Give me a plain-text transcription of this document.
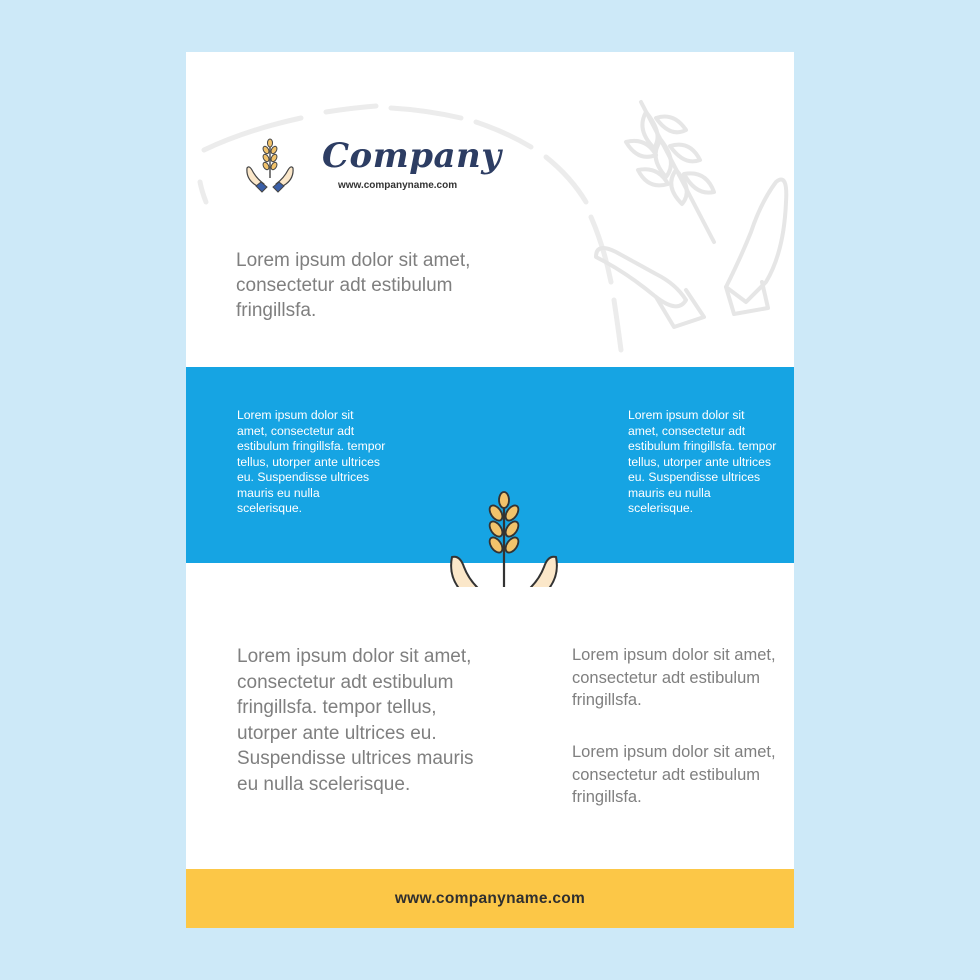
Company
www.companyname.com

Lorem ipsum dolor sit amet, consectetur adt estibulum fringillsfa.

Lorem ipsum dolor sit amet, consectetur adt estibulum fringillsfa. tempor tellus, utorper ante ultrices eu. Suspendisse ultrices mauris eu nulla scelerisque.

Lorem ipsum dolor sit amet, consectetur adt estibulum fringillsfa. tempor tellus, utorper ante ultrices eu. Suspendisse ultrices mauris eu nulla scelerisque.

Lorem ipsum dolor sit amet, consectetur adt estibulum fringillsfa. tempor tellus, utorper ante ultrices eu. Suspendisse ultrices mauris eu nulla scelerisque.

Lorem ipsum dolor sit amet, consectetur adt estibulum fringillsfa.

Lorem ipsum dolor sit amet, consectetur adt estibulum fringillsfa.

www.companyname.com
